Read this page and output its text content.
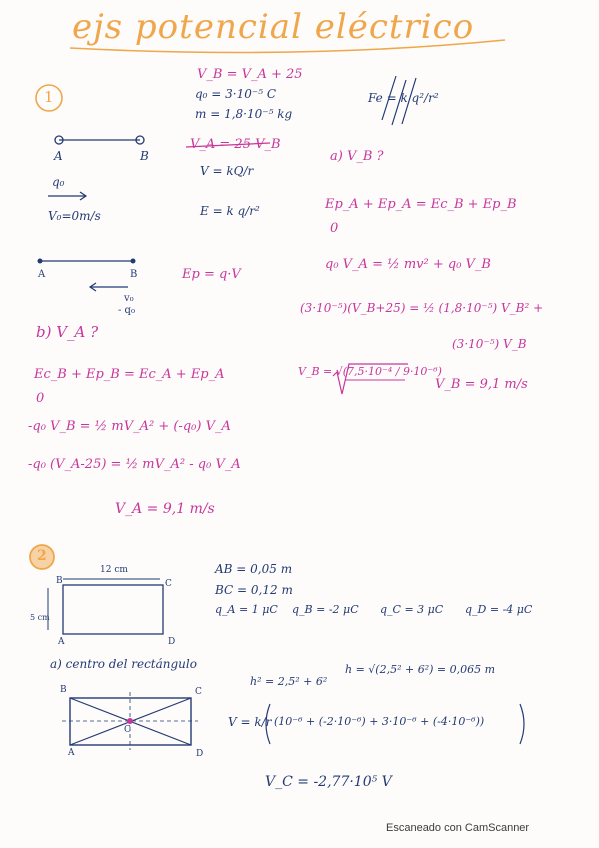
ejs potencial eléctrico
1
A	B
q₀
V₀=0m/s
A	B
v₀
- q₀
V_B = V_A + 25
q₀ = 3·10⁻⁵ C
m = 1,8·10⁻⁵ kg
V_A = 25 V_B
V = kQ/r
E = k q/r²
Ep = q·V
Fe = k q²/r²
a) V_B ?
Ep_A + Ep_A = Ec_B + Ep_B
0
q₀ V_A = ½ mv² + q₀ V_B
(3·10⁻⁵)(V_B+25) = ½ (1,8·10⁻⁵) V_B² +
(3·10⁻⁵) V_B
V_B = √(7,5·10⁻⁴ / 9·10⁻⁶)
V_B = 9,1 m/s
b) V_A ?
Ec_B + Ep_B = Ec_A + Ep_A
0
-q₀ V_B = ½ mV_A² + (-q₀) V_A
-q₀ (V_A-25) = ½ mV_A² - q₀ V_A
V_A = 9,1 m/s
2
12 cm
5 cm
B	C
A	D
AB = 0,05 m
BC = 0,12 m
q_A = 1 μC q_B = -2 μC q_C = 3 μC q_D = -4 μC
a) centro del rectángulo
h² = 2,5² + 6²
h = √(2,5² + 6²) = 0,065 m
B	C
A	D
C
V = k/r (10⁻⁶ + (-2·10⁻⁶) + 3·10⁻⁶ + (-4·10⁻⁶))
V_C = -2,77·10⁵ V
Escaneado con CamScanner
